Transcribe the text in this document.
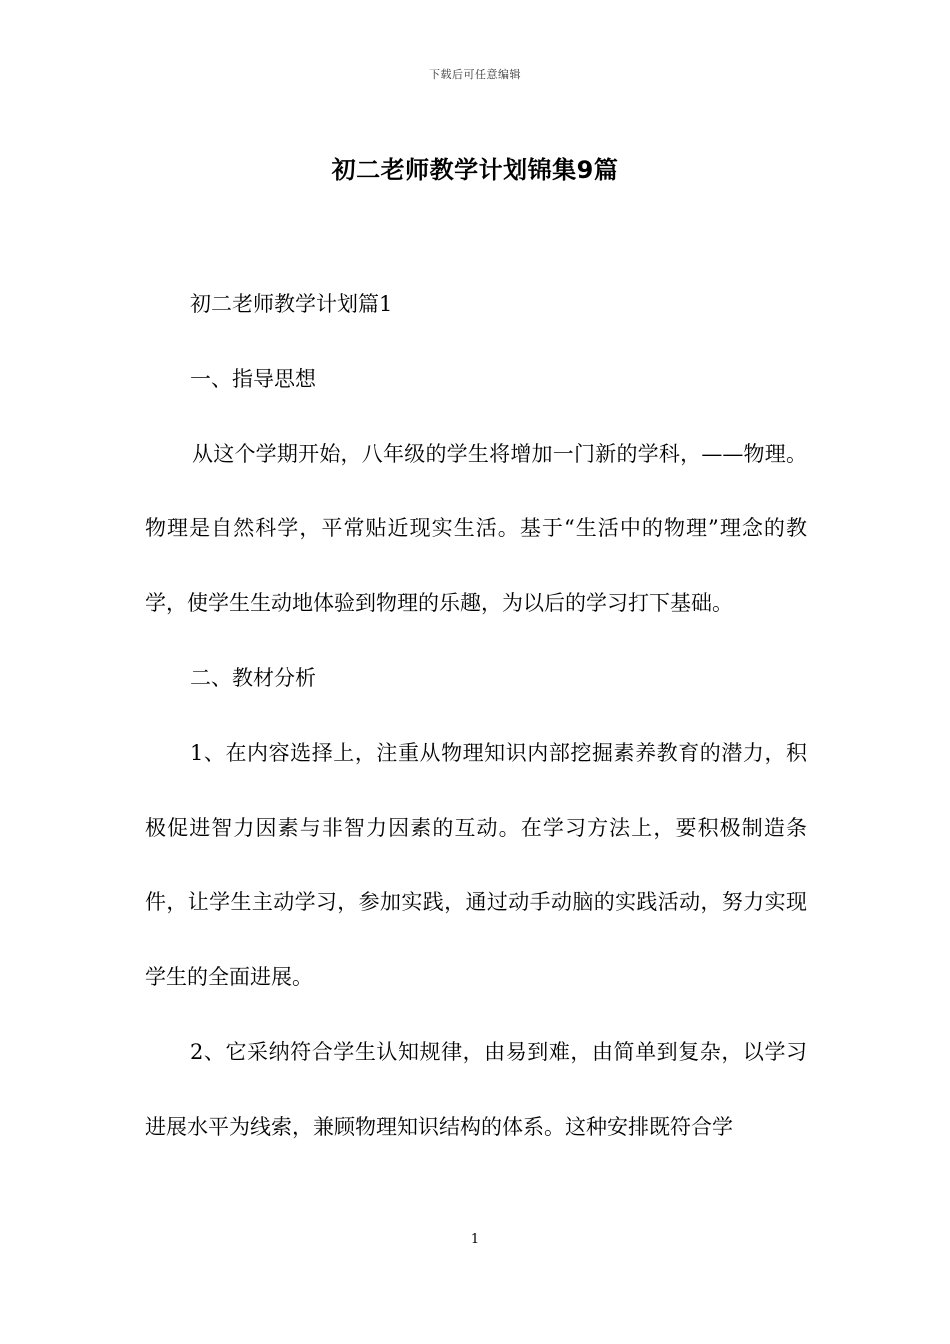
下载后可任意编辑
初二老师教学计划锦集9篇

初二老师教学计划篇1

一、指导思想

从这个学期开始，八年级的学生将增加一门新的学科，——物理。物理是自然科学，平常贴近现实生活。基于“生活中的物理”理念的教学，使学生生动地体验到物理的乐趣，为以后的学习打下基础。

二、教材分析

1、在内容选择上，注重从物理知识内部挖掘素养教育的潜力，积极促进智力因素与非智力因素的互动。在学习方法上，要积极制造条件，让学生主动学习，参加实践，通过动手动脑的实践活动，努力实现学生的全面进展。

2、它采纳符合学生认知规律，由易到难，由简单到复杂，以学习进展水平为线索，兼顾物理知识结构的体系。这种安排既符合学

1
